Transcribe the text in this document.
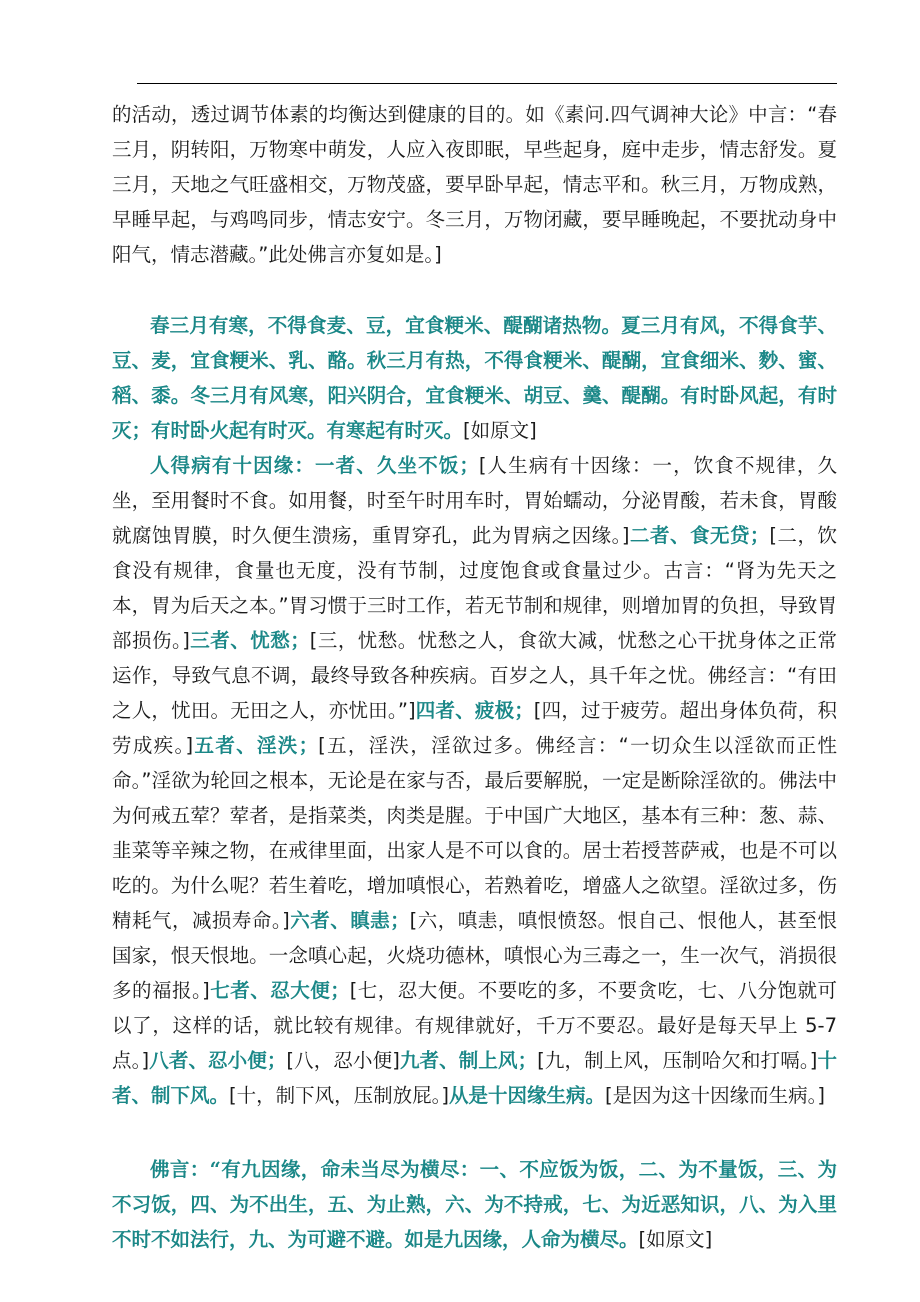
的活动，透过调节体素的均衡达到健康的目的。如《素问.四气调神大论》中言：“春三月，阴转阳，万物寒中萌发，人应入夜即眠，早些起身，庭中走步，情志舒发。夏三月，天地之气旺盛相交，万物茂盛，要早卧早起，情志平和。秋三月，万物成熟，早睡早起，与鸡鸣同步，情志安宁。冬三月，万物闭藏，要早睡晚起，不要扰动身中阳气，情志潜藏。”此处佛言亦复如是。]

春三月有寒，不得食麦、豆，宜食粳米、醍醐诸热物。夏三月有风，不得食芋、豆、麦，宜食粳米、乳、酪。秋三月有热，不得食粳米、醍醐，宜食细米、麨、蜜、稻、黍。冬三月有风寒，阳兴阴合，宜食粳米、胡豆、羹、醍醐。有时卧风起，有时灭；有时卧火起有时灭。有寒起有时灭。[如原文]

人得病有十因缘：一者、久坐不饭；[人生病有十因缘：一，饮食不规律，久坐，至用餐时不食。如用餐，时至午时用车时，胃始蠕动，分泌胃酸，若未食，胃酸就腐蚀胃膜，时久便生溃疡，重胃穿孔，此为胃病之因缘。]二者、食无贷；[二，饮食没有规律，食量也无度，没有节制，过度饱食或食量过少。古言：“肾为先天之本，胃为后天之本。”胃习惯于三时工作，若无节制和规律，则增加胃的负担，导致胃部损伤。]三者、忧愁；[三，忧愁。忧愁之人，食欲大减，忧愁之心干扰身体之正常运作，导致气息不调，最终导致各种疾病。百岁之人，具千年之忧。佛经言：“有田之人，忧田。无田之人，亦忧田。”]四者、疲极；[四，过于疲劳。超出身体负荷，积劳成疾。]五者、淫泆；[五，淫泆，淫欲过多。佛经言：“一切众生以淫欲而正性命。”淫欲为轮回之根本，无论是在家与否，最后要解脱，一定是断除淫欲的。佛法中为何戒五荤？荤者，是指菜类，肉类是腥。于中国广大地区，基本有三种：葱、蒜、韭菜等辛辣之物，在戒律里面，出家人是不可以食的。居士若授菩萨戒，也是不可以吃的。为什么呢？若生着吃，增加嗔恨心，若熟着吃，增盛人之欲望。淫欲过多，伤精耗气，减损寿命。]六者、瞋恚；[六，嗔恚，嗔恨愤怒。恨自己、恨他人，甚至恨国家，恨天恨地。一念嗔心起，火烧功德林，嗔恨心为三毒之一，生一次气，消损很多的福报。]七者、忍大便；[七，忍大便。不要吃的多，不要贪吃，七、八分饱就可以了，这样的话，就比较有规律。有规律就好，千万不要忍。最好是每天早上 5-7点。]八者、忍小便；[八，忍小便]九者、制上风；[九，制上风，压制哈欠和打嗝。]十者、制下风。[十，制下风，压制放屁。]从是十因缘生病。[是因为这十因缘而生病。]

佛言：“有九因缘，命未当尽为横尽：一、不应饭为饭，二、为不量饭，三、为不习饭，四、为不出生，五、为止熟，六、为不持戒，七、为近恶知识，八、为入里不时不如法行，九、为可避不避。如是九因缘，人命为横尽。[如原文]
